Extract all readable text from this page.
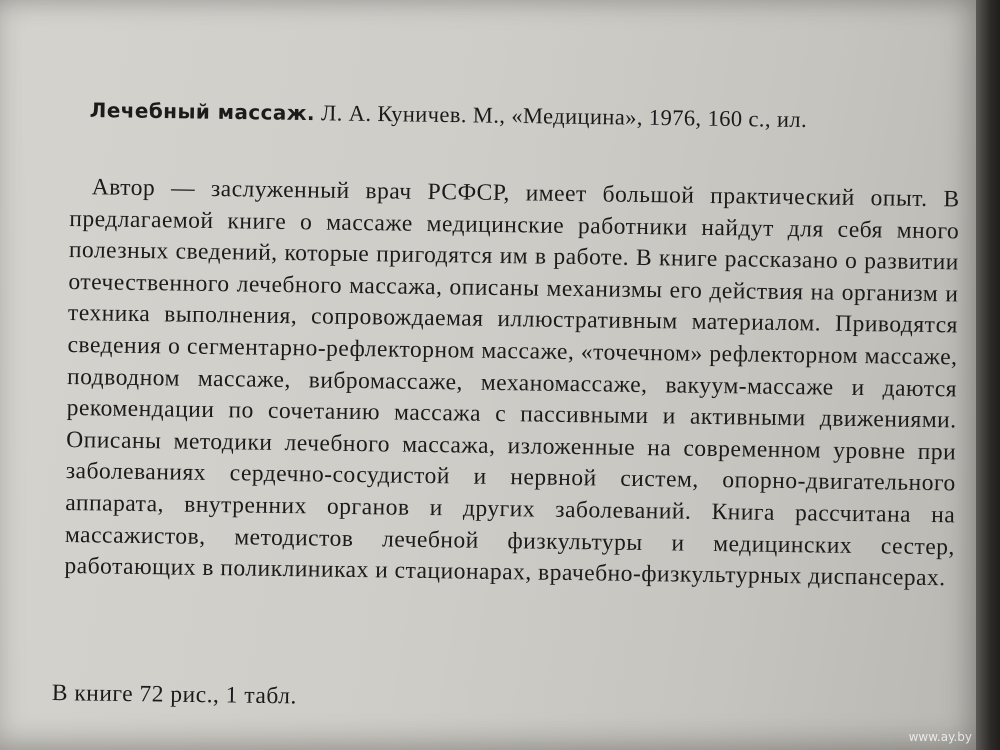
Лечебный массаж. Л. А. Куничев. М., «Медицина», 1976, 160 с., ил.

Автор — заслуженный врач РСФСР, имеет большой практический опыт. В предлагаемой книге о массаже медицинские работники найдут для себя много полезных сведений, которые пригодятся им в работе. В книге рассказано о развитии отечественного лечебного массажа, описаны механизмы его действия на организм и техника выполнения, сопровождаемая иллюстративным материалом. Приводятся сведения о сегментарно-рефлекторном массаже, «точечном» рефлекторном массаже, подводном массаже, вибромассаже, механомассаже, вакуум-массаже и даются рекомендации по сочетанию массажа с пассивными и активными движениями. Описаны методики лечебного массажа, изложенные на современном уровне при заболеваниях сердечно-сосудистой и нервной систем, опорно-двигательного аппарата, внутренних органов и других заболеваний. Книга рассчитана на массажистов, методистов лечебной физкультуры и медицинских сестер, работающих в поликлиниках и стационарах, врачебно-физкультурных диспансерах.

В книге 72 рис., 1 табл.
www.ay.by
